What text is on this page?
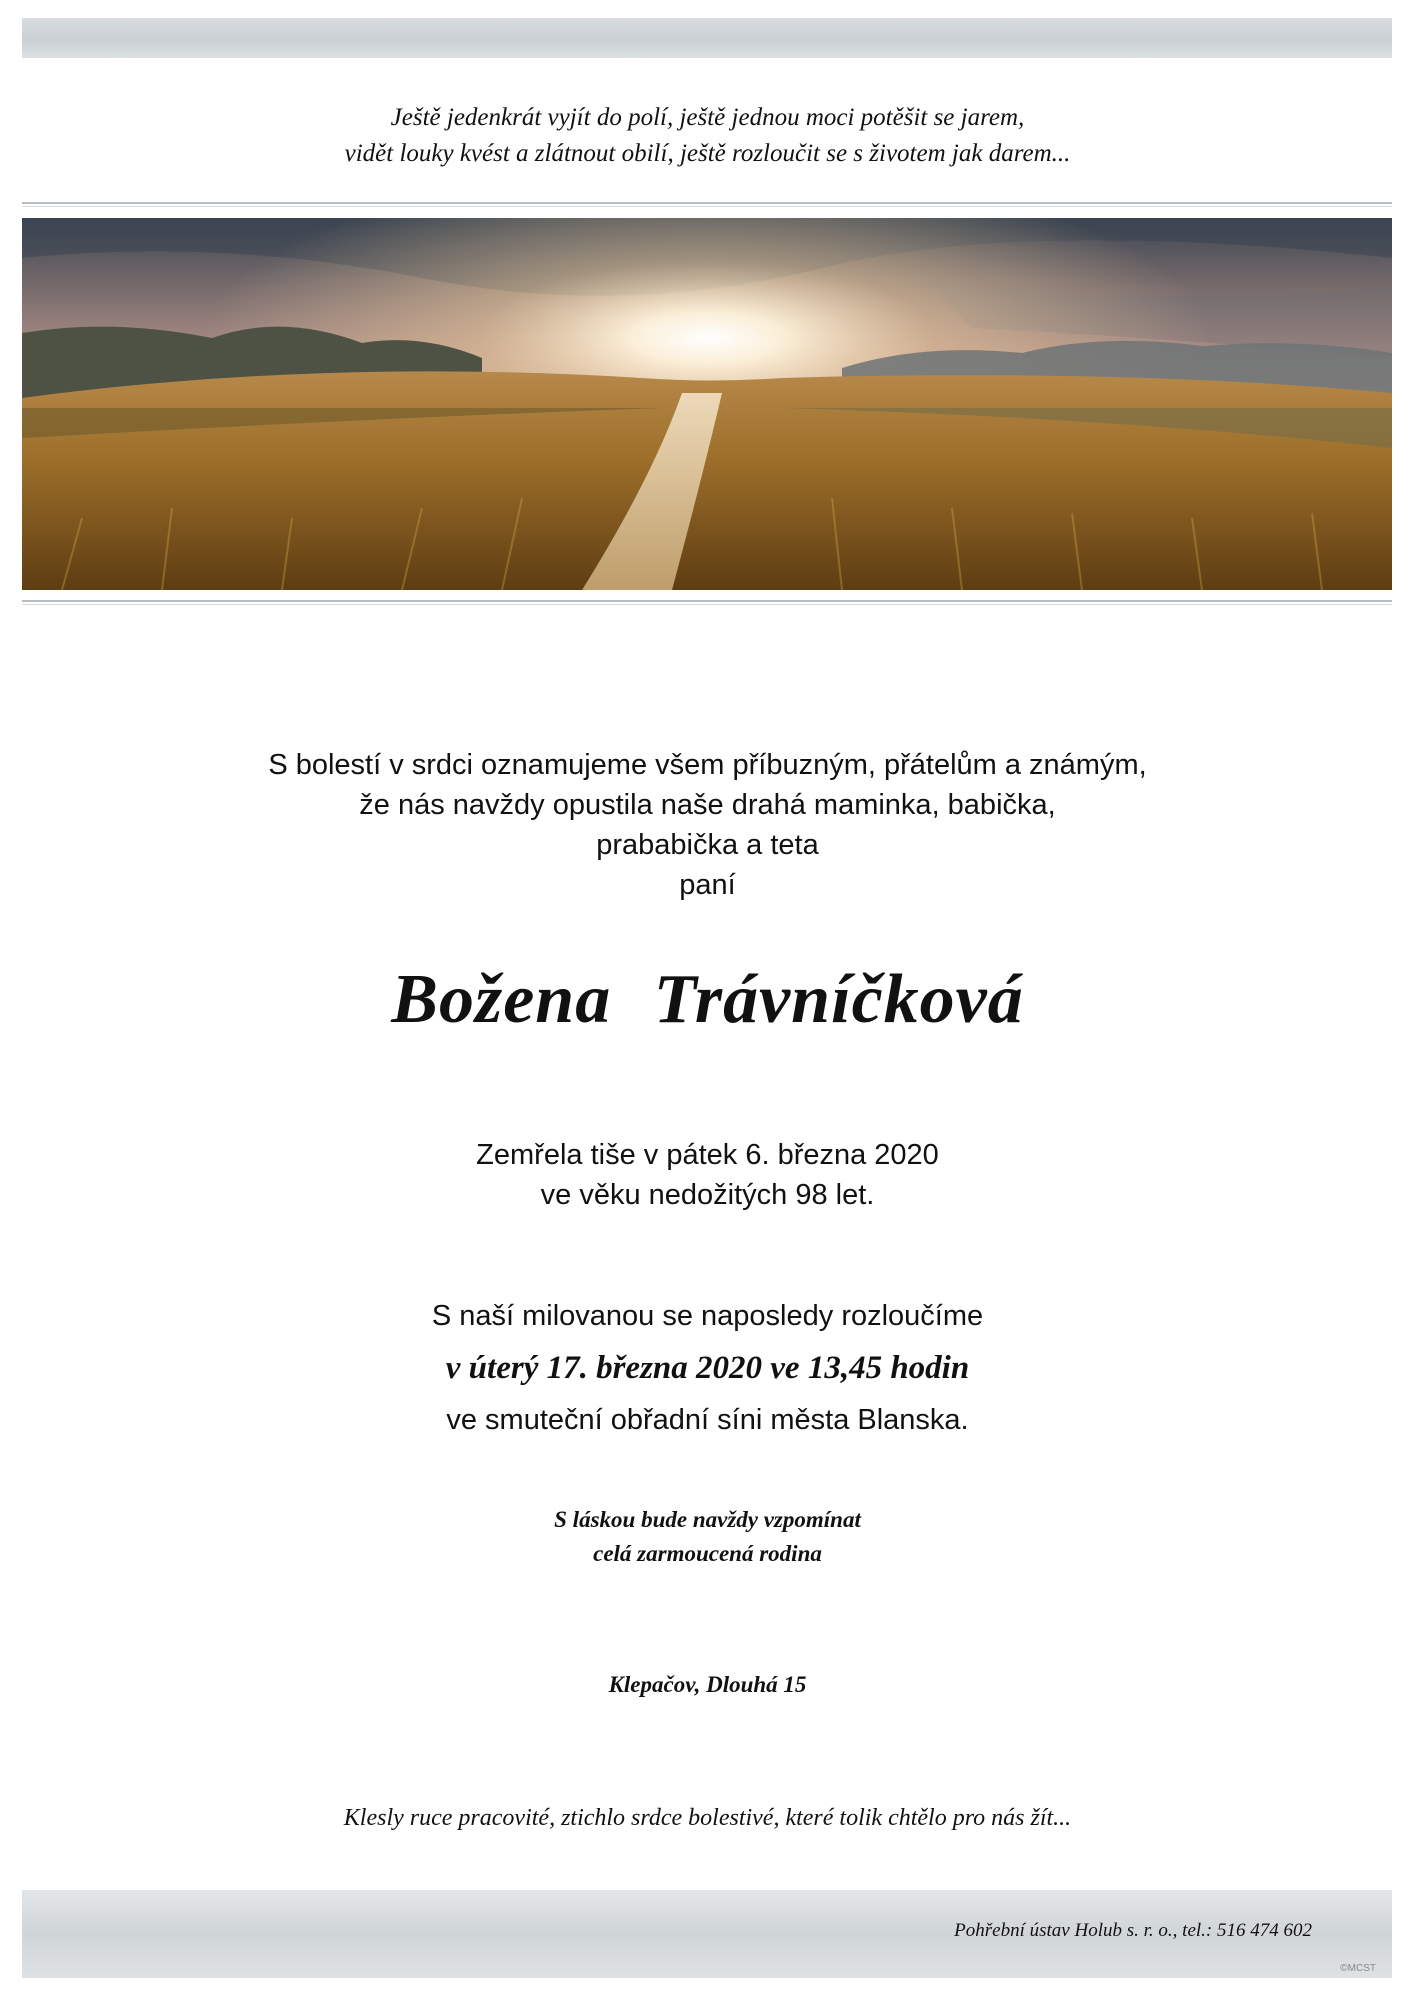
Ještě jedenkrát vyjít do polí, ještě jednou moci potěšit se jarem,
vidět louky kvést a zlátnout obilí, ještě rozloučit se s životem jak darem...
S bolestí v srdci oznamujeme všem příbuzným, přátelům a známým,
že nás navždy opustila naše drahá maminka, babička,
prababička a teta
paní
Božena Trávníčková
Zemřela tiše v pátek 6. března 2020
ve věku nedožitých 98 let.
S naší milovanou se naposledy rozloučíme
v úterý 17. března 2020 ve 13,45 hodin
ve smuteční obřadní síni města Blanska.
S láskou bude navždy vzpomínat
celá zarmoucená rodina
Klepačov, Dlouhá 15
Klesly ruce pracovité, ztichlo srdce bolestivé, které tolik chtělo pro nás žít...
Pohřební ústav Holub s. r. o., tel.: 516 474 602
©MCST
